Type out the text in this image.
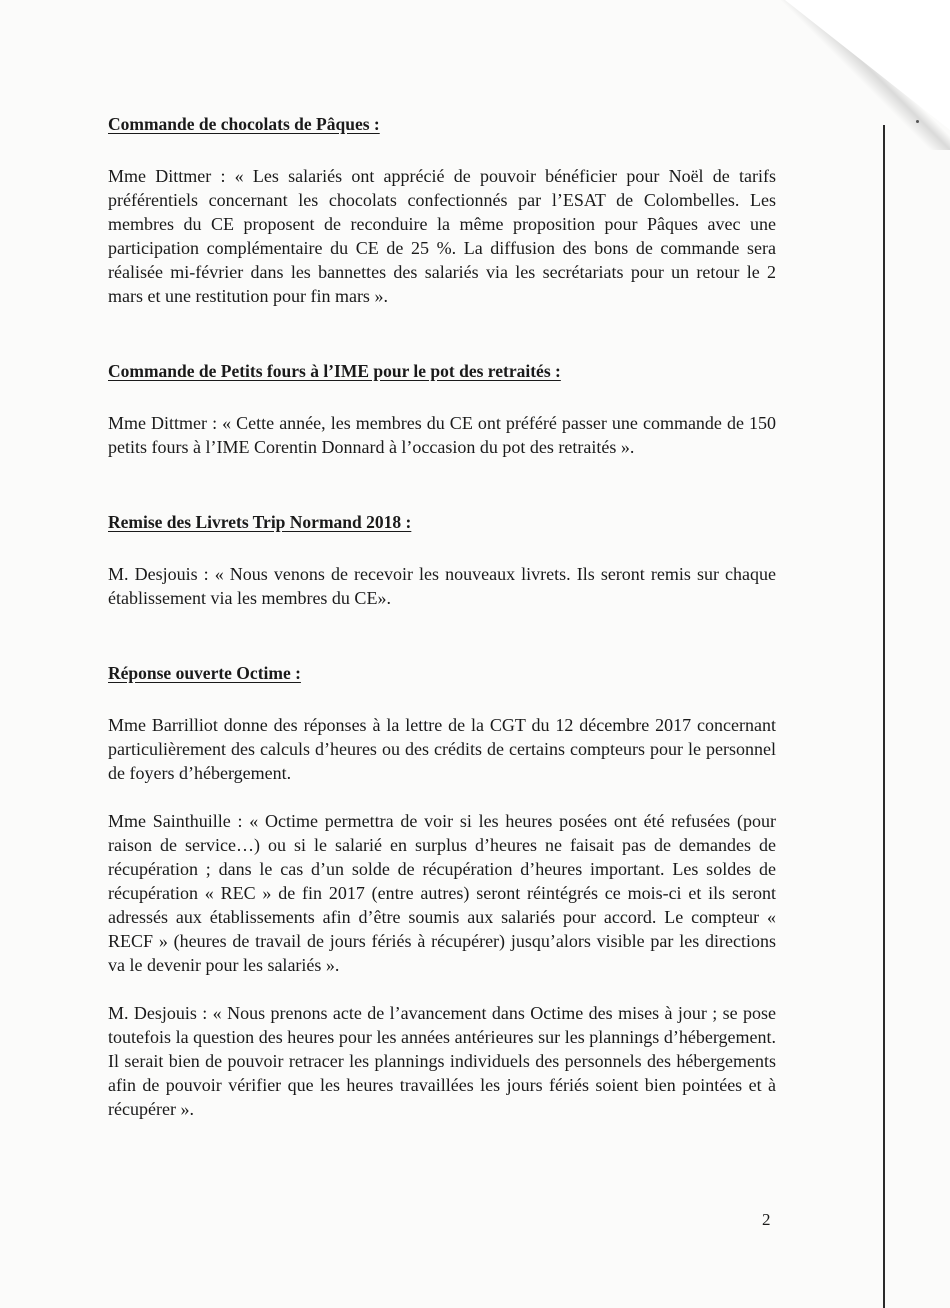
Commande de chocolats de Pâques :

Mme Dittmer : « Les salariés ont apprécié de pouvoir bénéficier pour Noël de tarifs préférentiels concernant les chocolats confectionnés par l’ESAT de Colombelles. Les membres du CE proposent de reconduire la même proposition pour Pâques avec une participation complémentaire du CE de 25 %. La diffusion des bons de commande sera réalisée mi-février dans les bannettes des salariés via les secrétariats pour un retour le 2 mars et une restitution pour fin mars ».

Commande de Petits fours à l’IME pour le pot des retraités :

Mme Dittmer : « Cette année, les membres du CE ont préféré passer une commande de 150 petits fours à l’IME Corentin Donnard à l’occasion du pot des retraités ».

Remise des Livrets Trip Normand 2018 :

M. Desjouis : « Nous venons de recevoir les nouveaux livrets. Ils seront remis sur chaque établissement via les membres du CE».

Réponse ouverte Octime :

Mme Barrilliot donne des réponses à la lettre de la CGT du 12 décembre 2017 concernant particulièrement des calculs d’heures ou des crédits de certains compteurs pour le personnel de foyers d’hébergement.

Mme Sainthuille : « Octime permettra de voir si les heures posées ont été refusées (pour raison de service…) ou si le salarié en surplus d’heures ne faisait pas de demandes de récupération ; dans le cas d’un solde de récupération d’heures important. Les soldes de récupération « REC » de fin 2017 (entre autres) seront réintégrés ce mois-ci et ils seront adressés aux établissements afin d’être soumis aux salariés pour accord. Le compteur « RECF » (heures de travail de jours fériés à récupérer) jusqu’alors visible par les directions va le devenir pour les salariés ».

M. Desjouis : « Nous prenons acte de l’avancement dans Octime des mises à jour ; se pose toutefois la question des heures pour les années antérieures sur les plannings d’hébergement. Il serait bien de pouvoir retracer les plannings individuels des personnels des hébergements afin de pouvoir vérifier que les heures travaillées les jours fériés soient bien pointées et à récupérer ».

2
